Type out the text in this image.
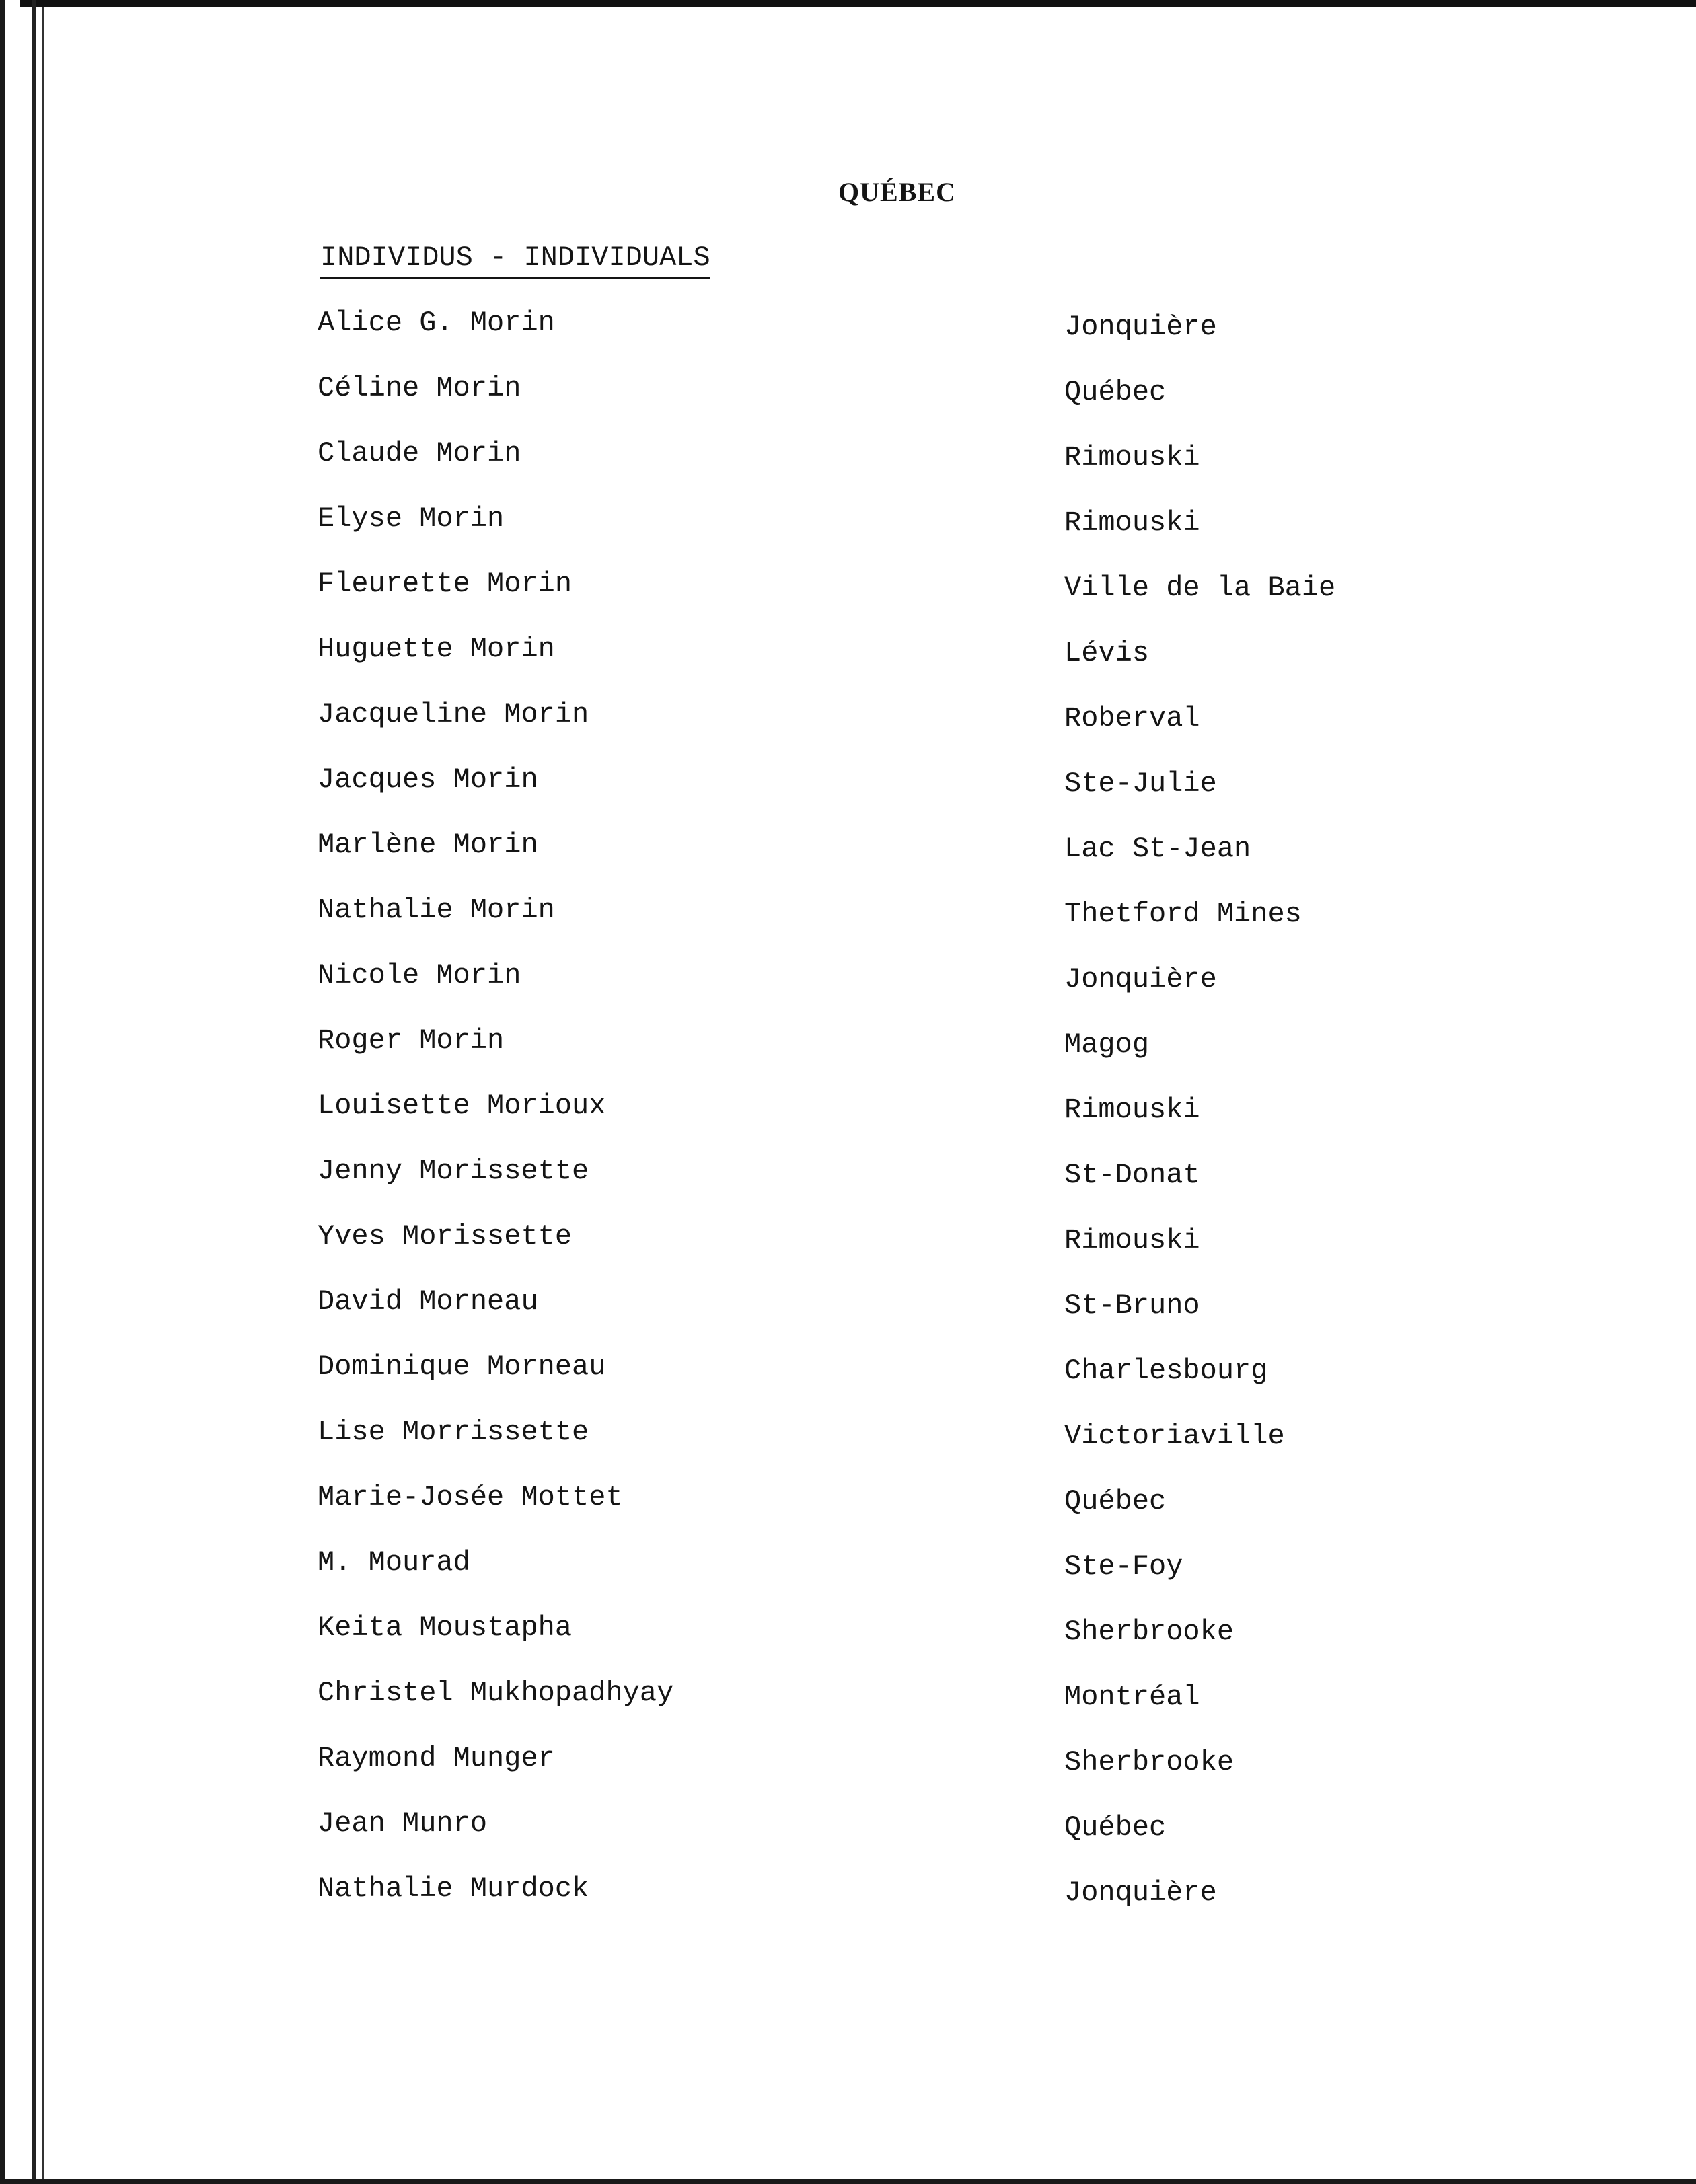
QUÉBEC
INDIVIDUS - INDIVIDUALS
Alice G. Morin	Jonquière
Céline Morin	Québec
Claude Morin	Rimouski
Elyse Morin	Rimouski
Fleurette Morin	Ville de la Baie
Huguette Morin	Lévis
Jacqueline Morin	Roberval
Jacques Morin	Ste-Julie
Marlène Morin	Lac St-Jean
Nathalie Morin	Thetford Mines
Nicole Morin	Jonquière
Roger Morin	Magog
Louisette Morioux	Rimouski
Jenny Morissette	St-Donat
Yves Morissette	Rimouski
David Morneau	St-Bruno
Dominique Morneau	Charlesbourg
Lise Morrissette	Victoriaville
Marie-Josée Mottet	Québec
M. Mourad	Ste-Foy
Keita Moustapha	Sherbrooke
Christel Mukhopadhyay	Montréal
Raymond Munger	Sherbrooke
Jean Munro	Québec
Nathalie Murdock	Jonquière
